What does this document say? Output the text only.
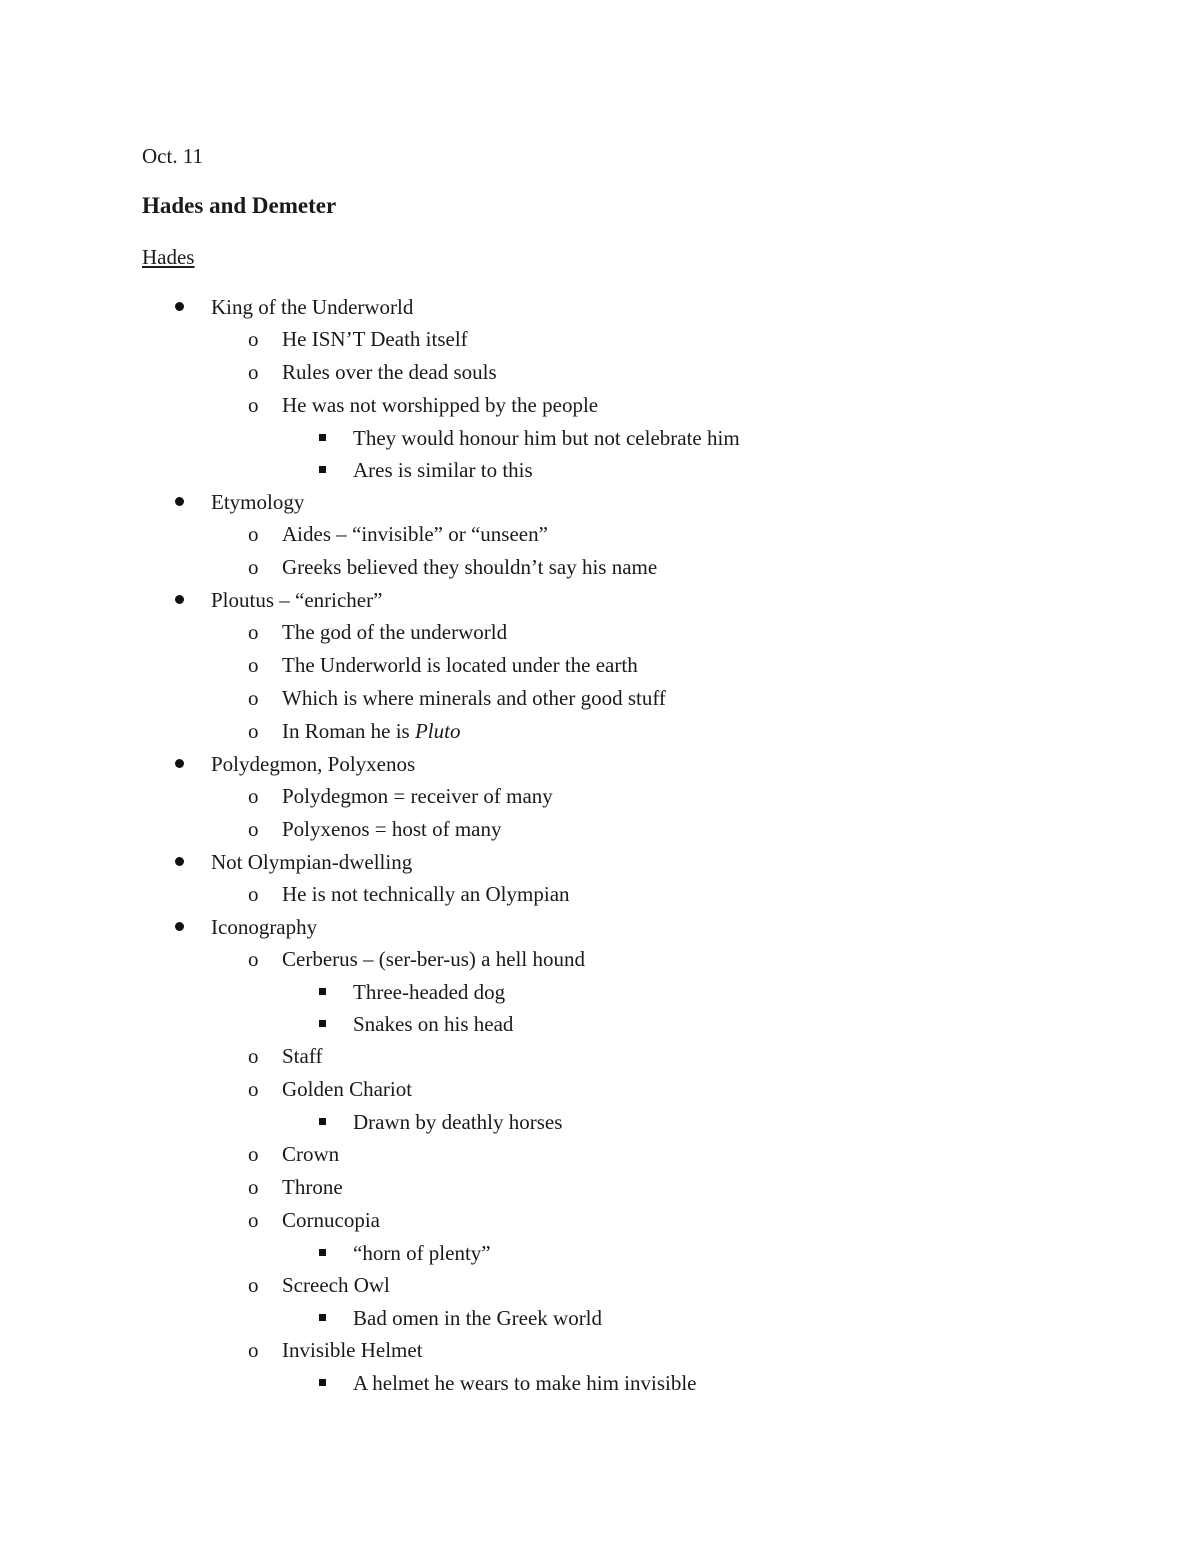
Oct. 11
Hades and Demeter
Hades
King of the Underworld
o He ISN’T Death itself
o Rules over the dead souls
o He was not worshipped by the people
They would honour him but not celebrate him
Ares is similar to this
Etymology
o Aides – “invisible” or “unseen”
o Greeks believed they shouldn’t say his name
Ploutus – “enricher”
o The god of the underworld
o The Underworld is located under the earth
o Which is where minerals and other good stuff
o In Roman he is Pluto
Polydegmon, Polyxenos
o Polydegmon = receiver of many
o Polyxenos = host of many
Not Olympian-dwelling
o He is not technically an Olympian
Iconography
o Cerberus – (ser-ber-us) a hell hound
Three-headed dog
Snakes on his head
o Staff
o Golden Chariot
Drawn by deathly horses
o Crown
o Throne
o Cornucopia
“horn of plenty”
o Screech Owl
Bad omen in the Greek world
o Invisible Helmet
A helmet he wears to make him invisible
